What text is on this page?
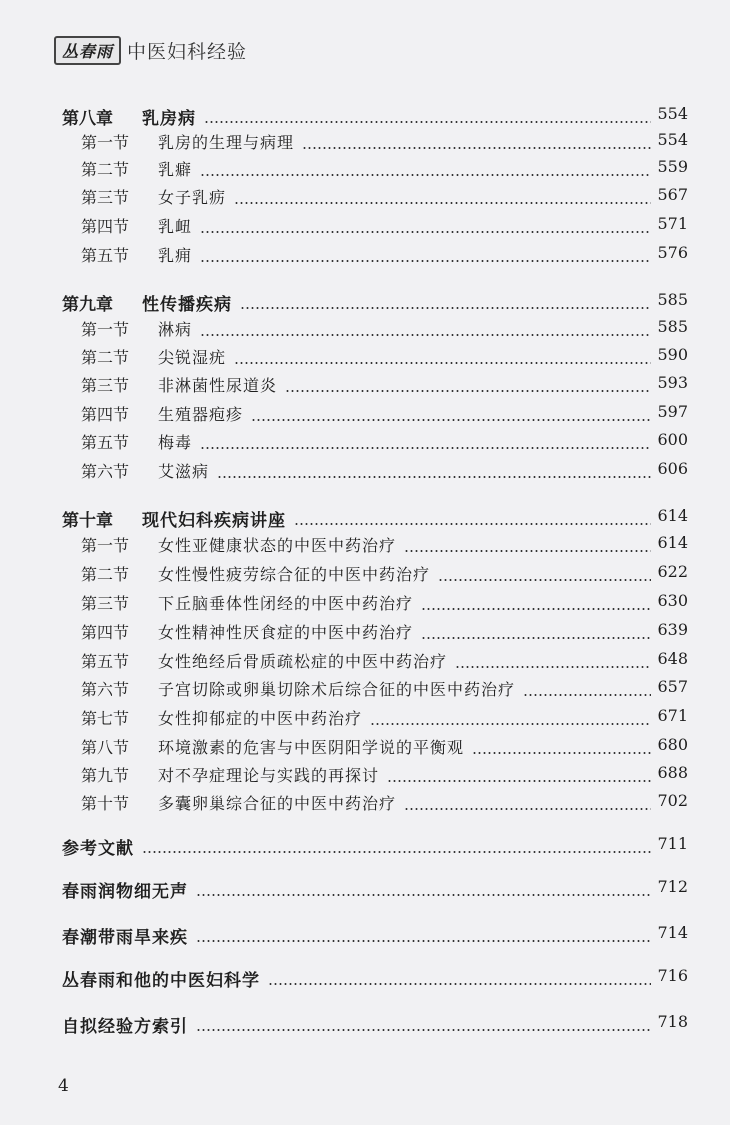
丛春雨 中医妇科经验
第八章 乳房病	554
第一节 乳房的生理与病理	554
第二节 乳癖	559
第三节 女子乳疬	567
第四节 乳衄	571
第五节 乳痈	576
第九章 性传播疾病	585
第一节 淋病	585
第二节 尖锐湿疣	590
第三节 非淋菌性尿道炎	593
第四节 生殖器疱疹	597
第五节 梅毒	600
第六节 艾滋病	606
第十章 现代妇科疾病讲座	614
第一节 女性亚健康状态的中医中药治疗	614
第二节 女性慢性疲劳综合征的中医中药治疗	622
第三节 下丘脑垂体性闭经的中医中药治疗	630
第四节 女性精神性厌食症的中医中药治疗	639
第五节 女性绝经后骨质疏松症的中医中药治疗	648
第六节 子宫切除或卵巢切除术后综合征的中医中药治疗	657
第七节 女性抑郁症的中医中药治疗	671
第八节 环境激素的危害与中医阴阳学说的平衡观	680
第九节 对不孕症理论与实践的再探讨	688
第十节 多囊卵巢综合征的中医中药治疗	702
参考文献	711
春雨润物细无声	712
春潮带雨旱来疾	714
丛春雨和他的中医妇科学	716
自拟经验方索引	718
4
